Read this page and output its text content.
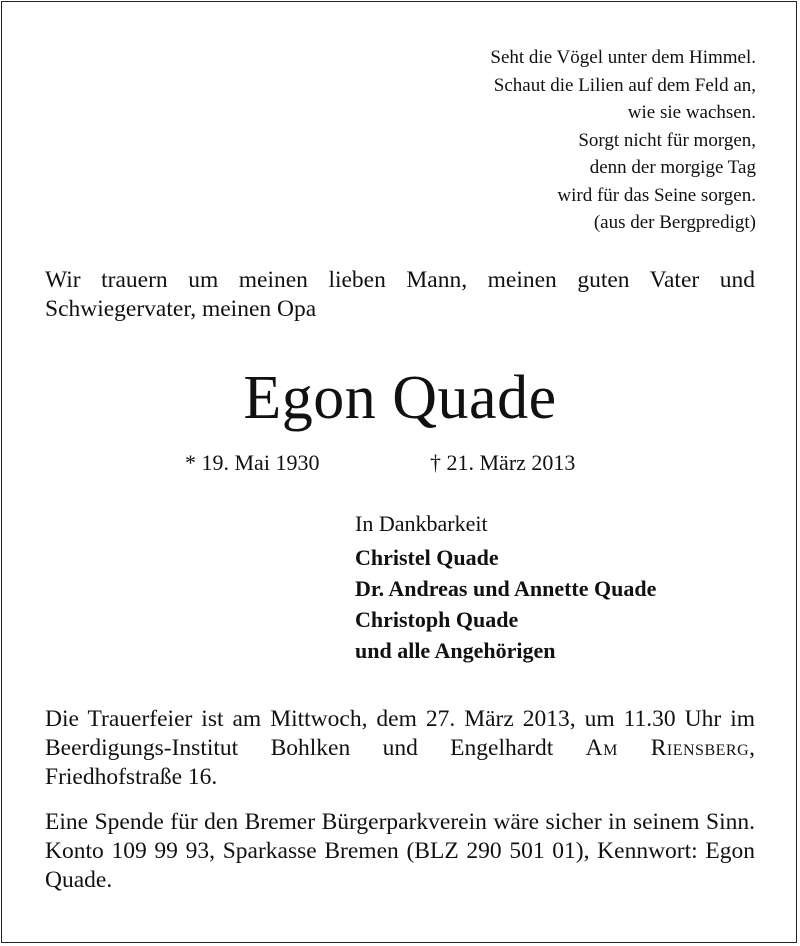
Seht die Vögel unter dem Himmel.
Schaut die Lilien auf dem Feld an,
wie sie wachsen.
Sorgt nicht für morgen,
denn der morgige Tag
wird für das Seine sorgen.
(aus der Bergpredigt)
Wir trauern um meinen lieben Mann, meinen guten Vater und Schwiegervater, meinen Opa
Egon Quade
* 19. Mai 1930	† 21. März 2013
In Dankbarkeit
Christel Quade
Dr. Andreas und Annette Quade
Christoph Quade
und alle Angehörigen
Die Trauerfeier ist am Mittwoch, dem 27. März 2013, um 11.30 Uhr im Beerdigungs-Institut Bohlken und Engelhardt Am Riensberg, Friedhofstraße 16.
Eine Spende für den Bremer Bürgerparkverein wäre sicher in seinem Sinn. Konto 109 99 93, Sparkasse Bremen (BLZ 290 501 01), Kennwort: Egon Quade.
